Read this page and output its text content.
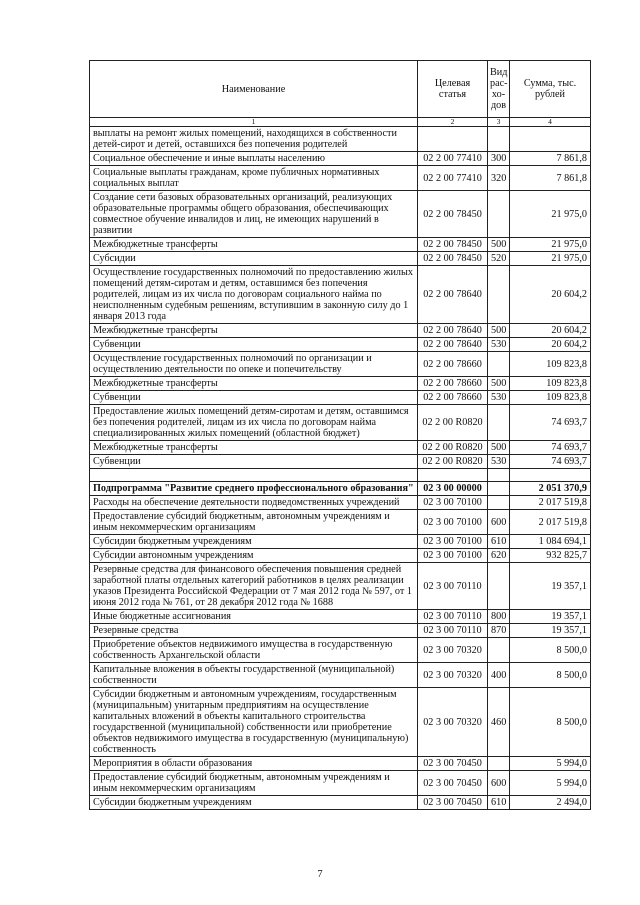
Наименование	Целевая статья	Вид рас-хо-дов	Сумма, тыс. рублей
1	2	3	4
выплаты на ремонт жилых помещений, находящихся в собственности детей-сирот и детей, оставшихся без попечения родителей			
Социальное обеспечение и иные выплаты населению	02 2 00 77410	300	7 861,8
Социальные выплаты гражданам, кроме публичных нормативных социальных выплат	02 2 00 77410	320	7 861,8
Создание сети базовых образовательных организаций, реализующих образовательные программы общего образования, обеспечивающих совместное обучение инвалидов и лиц, не имеющих нарушений в развитии	02 2 00 78450		21 975,0
Межбюджетные трансферты	02 2 00 78450	500	21 975,0
Субсидии	02 2 00 78450	520	21 975,0
Осуществление государственных полномочий по предоставлению жилых помещений детям-сиротам и детям, оставшимся без попечения родителей, лицам из их числа по договорам социального найма по неисполненным судебным решениям, вступившим в законную силу до 1 января 2013 года	02 2 00 78640		20 604,2
Межбюджетные трансферты	02 2 00 78640	500	20 604,2
Субвенции	02 2 00 78640	530	20 604,2
Осуществление государственных полномочий по организации и осуществлению деятельности по опеке и попечительству	02 2 00 78660		109 823,8
Межбюджетные трансферты	02 2 00 78660	500	109 823,8
Субвенции	02 2 00 78660	530	109 823,8
Предоставление жилых помещений детям-сиротам и детям, оставшимся без попечения родителей, лицам из их числа по договорам найма специализированных жилых помещений (областной бюджет)	02 2 00 R0820		74 693,7
Межбюджетные трансферты	02 2 00 R0820	500	74 693,7
Субвенции	02 2 00 R0820	530	74 693,7

Подпрограмма "Развитие среднего профессионального образования"	02 3 00 00000		2 051 370,9
Расходы на обеспечение деятельности подведомственных учреждений	02 3 00 70100		2 017 519,8
Предоставление субсидий бюджетным, автономным учреждениям и иным некоммерческим организациям	02 3 00 70100	600	2 017 519,8
Субсидии бюджетным учреждениям	02 3 00 70100	610	1 084 694,1
Субсидии автономным учреждениям	02 3 00 70100	620	932 825,7
Резервные средства для финансового обеспечения повышения средней заработной платы отдельных категорий работников в целях реализации указов Президента Российской Федерации от 7 мая 2012 года № 597, от 1 июня 2012 года № 761, от 28 декабря 2012 года № 1688	02 3 00 70110		19 357,1
Иные бюджетные ассигнования	02 3 00 70110	800	19 357,1
Резервные средства	02 3 00 70110	870	19 357,1
Приобретение объектов недвижимого имущества в государственную собственность Архангельской области	02 3 00 70320		8 500,0
Капитальные вложения в объекты государственной (муниципальной) собственности	02 3 00 70320	400	8 500,0
Субсидии бюджетным и автономным учреждениям, государственным (муниципальным) унитарным предприятиям на осуществление капитальных вложений в объекты капитального строительства государственной (муниципальной) собственности или приобретение объектов недвижимого имущества в государственную (муниципальную) собственность	02 3 00 70320	460	8 500,0
Мероприятия в области образования	02 3 00 70450		5 994,0
Предоставление субсидий бюджетным, автономным учреждениям и иным некоммерческим организациям	02 3 00 70450	600	5 994,0
Субсидии бюджетным учреждениям	02 3 00 70450	610	2 494,0
7
